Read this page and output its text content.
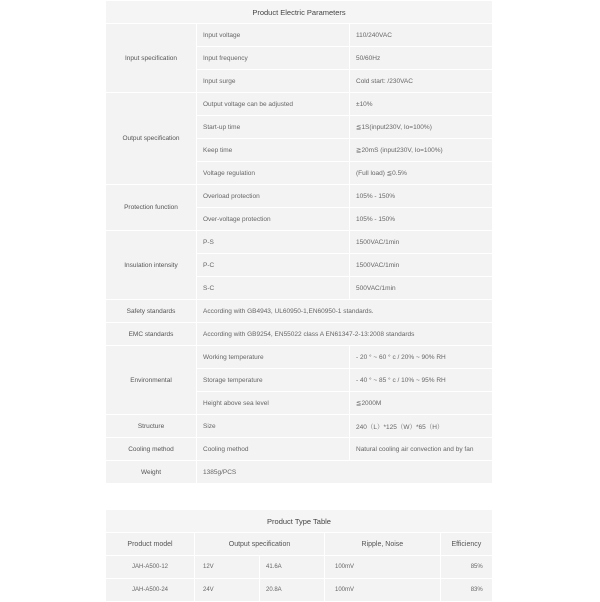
Product Electric Parameters		
Input specification	Input voltage	110/240VAC
	Input frequency	50/60Hz
	Input surge	Cold start: /230VAC
Output specification	Output voltage can be adjusted	±10%
	Start-up time	≦1S(input230V, Io=100%)
	Keep time	≧20mS (input230V, Io=100%)
	Voltage regulation	(Full load) ≦0.5%
Protection function	Overload protection	105% - 150%
	Over-voltage protection	105% - 150%
Insulation intensity	P-S	1500VAC/1min
	P-C	1500VAC/1min
	S-C	500VAC/1min
Safety standards	According with GB4943, UL60950-1,EN60950-1 standards.	
EMC standards	According with GB9254, EN55022 class A EN61347-2-13:2008 standards	
Environmental	Working temperature	- 20 ° ~ 60 ° c / 20% ~ 90% RH
	Storage temperature	- 40 ° ~ 85 ° c / 10% ~ 95% RH
	Height above sea level	≦2000M
Structure	Size	240（L）*125（W）*65（H）
Cooling method	Cooling method	Natural cooling air convection and by fan
Weight	1385g/PCS	
Product Type Table				
Product model	Output specification		Ripple, Noise	Efficiency
JAH-A500-12	12V	41.6A	100mV	85%
JAH-A500-24	24V	20.8A	100mV	83%
